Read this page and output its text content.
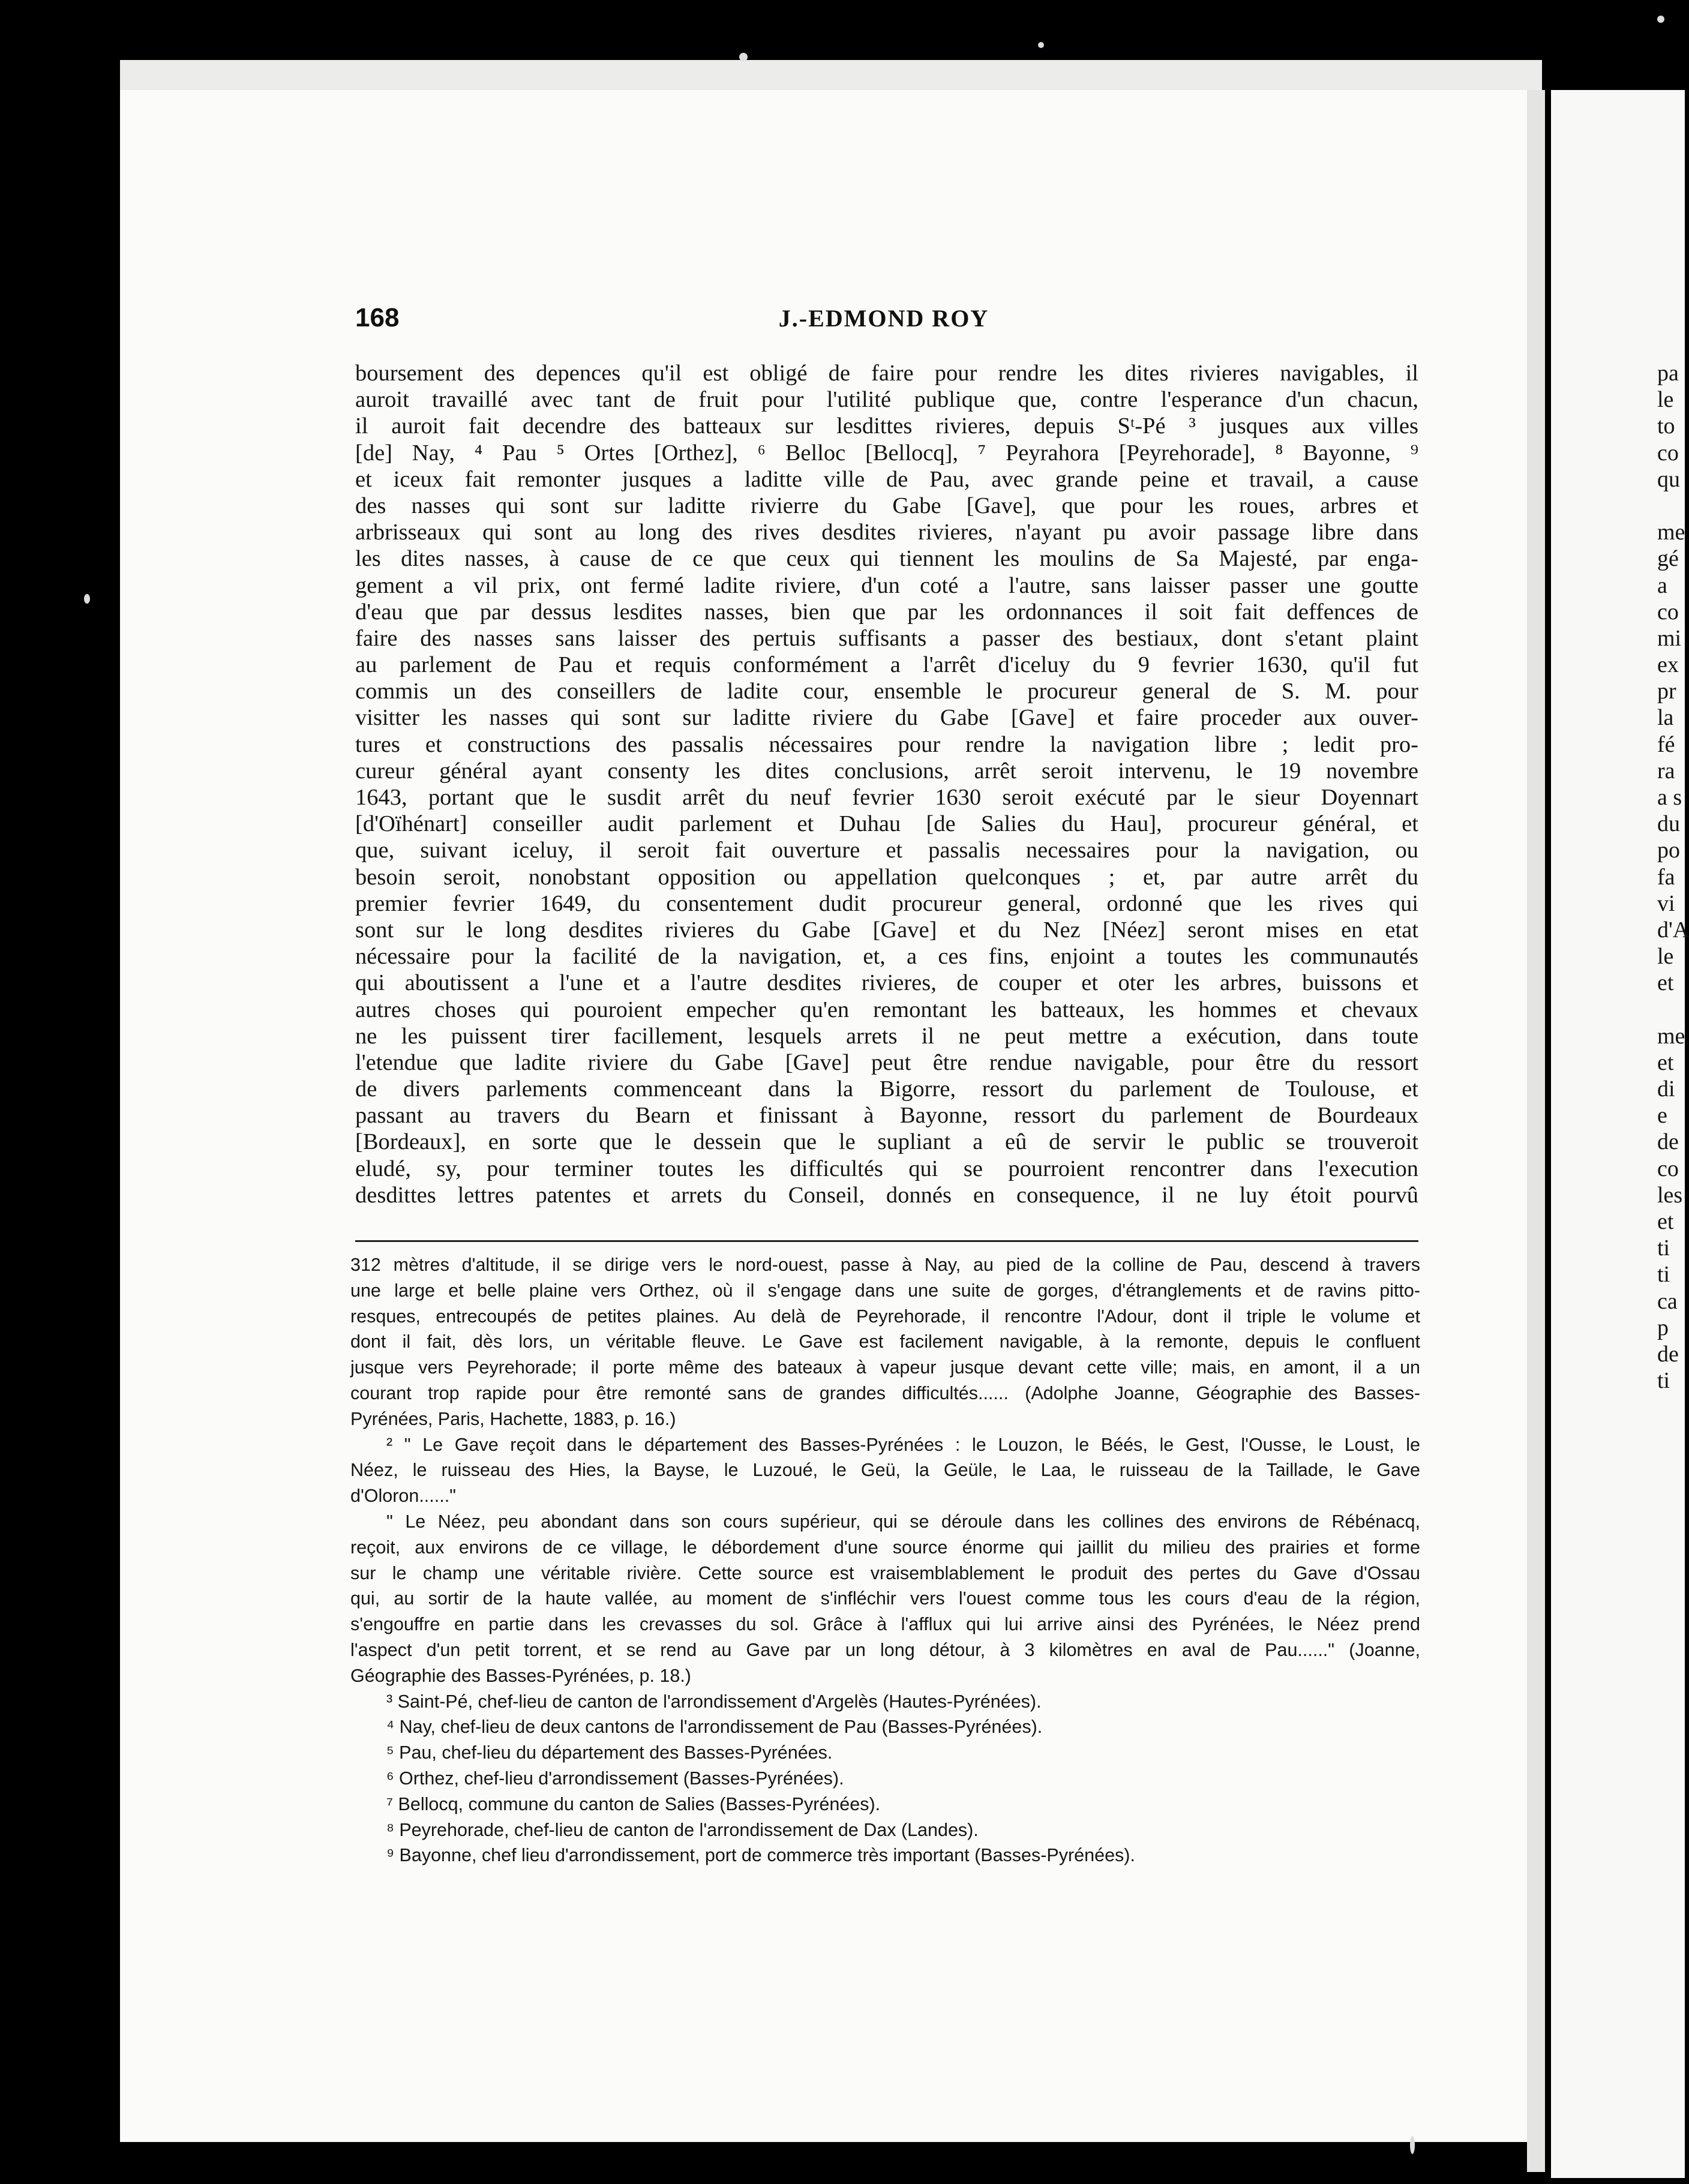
168	J.-EDMOND ROY
boursement des depences qu'il est obligé de faire pour rendre les dites rivieres navigables, il
auroit travaillé avec tant de fruit pour l'utilité publique que, contre l'esperance d'un chacun,
il auroit fait decendre des batteaux sur lesdittes rivieres, depuis Sᵗ-Pé ³ jusques aux villes
[de] Nay, ⁴ Pau ⁵ Ortes [Orthez], ⁶ Belloc [Bellocq], ⁷ Peyrahora [Peyrehorade], ⁸ Bayonne, ⁹
et iceux fait remonter jusques a laditte ville de Pau, avec grande peine et travail, a cause
des nasses qui sont sur laditte rivierre du Gabe [Gave], que pour les roues, arbres et
arbrisseaux qui sont au long des rives desdites rivieres, n'ayant pu avoir passage libre dans
les dites nasses, à cause de ce que ceux qui tiennent les moulins de Sa Majesté, par enga-
gement a vil prix, ont fermé ladite riviere, d'un coté a l'autre, sans laisser passer une goutte
d'eau que par dessus lesdites nasses, bien que par les ordonnances il soit fait deffences de
faire des nasses sans laisser des pertuis suffisants a passer des bestiaux, dont s'etant plaint
au parlement de Pau et requis conformément a l'arrêt d'iceluy du 9 fevrier 1630, qu'il fut
commis un des conseillers de ladite cour, ensemble le procureur general de S. M. pour
visitter les nasses qui sont sur laditte riviere du Gabe [Gave] et faire proceder aux ouver-
tures et constructions des passalis nécessaires pour rendre la navigation libre ; ledit pro-
cureur général ayant consenty les dites conclusions, arrêt seroit intervenu, le 19 novembre
1643, portant que le susdit arrêt du neuf fevrier 1630 seroit exécuté par le sieur Doyennart
[d'Oïhénart] conseiller audit parlement et Duhau [de Salies du Hau], procureur général, et
que, suivant iceluy, il seroit fait ouverture et passalis necessaires pour la navigation, ou
besoin seroit, nonobstant opposition ou appellation quelconques ; et, par autre arrêt du
premier fevrier 1649, du consentement dudit procureur general, ordonné que les rives qui
sont sur le long desdites rivieres du Gabe [Gave] et du Nez [Néez] seront mises en etat
nécessaire pour la facilité de la navigation, et, a ces fins, enjoint a toutes les communautés
qui aboutissent a l'une et a l'autre desdites rivieres, de couper et oter les arbres, buissons et
autres choses qui pouroient empecher qu'en remontant les batteaux, les hommes et chevaux
ne les puissent tirer facillement, lesquels arrets il ne peut mettre a exécution, dans toute
l'etendue que ladite riviere du Gabe [Gave] peut être rendue navigable, pour être du ressort
de divers parlements commenceant dans la Bigorre, ressort du parlement de Toulouse, et
passant au travers du Bearn et finissant à Bayonne, ressort du parlement de Bourdeaux
[Bordeaux], en sorte que le dessein que le supliant a eû de servir le public se trouveroit
eludé, sy, pour terminer toutes les difficultés qui se pourroient rencontrer dans l'execution
desdittes lettres patentes et arrets du Conseil, donnés en consequence, il ne luy étoit pourvû
312 mètres d'altitude, il se dirige vers le nord-ouest, passe à Nay, au pied de la colline de Pau, descend à travers
une large et belle plaine vers Orthez, où il s'engage dans une suite de gorges, d'étranglements et de ravins pitto-
resques, entrecoupés de petites plaines. Au delà de Peyrehorade, il rencontre l'Adour, dont il triple le volume et
dont il fait, dès lors, un véritable fleuve. Le Gave est facilement navigable, à la remonte, depuis le confluent
jusque vers Peyrehorade; il porte même des bateaux à vapeur jusque devant cette ville; mais, en amont, il a un
courant trop rapide pour être remonté sans de grandes difficultés...... (Adolphe Joanne, Géographie des Basses-
Pyrénées, Paris, Hachette, 1883, p. 16.)
² " Le Gave reçoit dans le département des Basses-Pyrénées : le Louzon, le Béés, le Gest, l'Ousse, le Loust, le
Néez, le ruisseau des Hies, la Bayse, le Luzoué, le Geü, la Geüle, le Laa, le ruisseau de la Taillade, le Gave
d'Oloron......"
" Le Néez, peu abondant dans son cours supérieur, qui se déroule dans les collines des environs de Rébénacq,
reçoit, aux environs de ce village, le débordement d'une source énorme qui jaillit du milieu des prairies et forme
sur le champ une véritable rivière. Cette source est vraisemblablement le produit des pertes du Gave d'Ossau
qui, au sortir de la haute vallée, au moment de s'infléchir vers l'ouest comme tous les cours d'eau de la région,
s'engouffre en partie dans les crevasses du sol. Grâce à l'afflux qui lui arrive ainsi des Pyrénées, le Néez prend
l'aspect d'un petit torrent, et se rend au Gave par un long détour, à 3 kilomètres en aval de Pau......" (Joanne,
Géographie des Basses-Pyrénées, p. 18.)
³ Saint-Pé, chef-lieu de canton de l'arrondissement d'Argelès (Hautes-Pyrénées).
⁴ Nay, chef-lieu de deux cantons de l'arrondissement de Pau (Basses-Pyrénées).
⁵ Pau, chef-lieu du département des Basses-Pyrénées.
⁶ Orthez, chef-lieu d'arrondissement (Basses-Pyrénées).
⁷ Bellocq, commune du canton de Salies (Basses-Pyrénées).
⁸ Peyrehorade, chef-lieu de canton de l'arrondissement de Dax (Landes).
⁹ Bayonne, chef lieu d'arrondissement, port de commerce très important (Basses-Pyrénées).
pa
le
to
co
qu
me
gé
a
co
mi
ex
pr
la
fé
ra
a s
du
po
fa
vi
d'A
le
et
me
et
di
e
de
co
les
et
ti
ti
ca
p
de
ti
